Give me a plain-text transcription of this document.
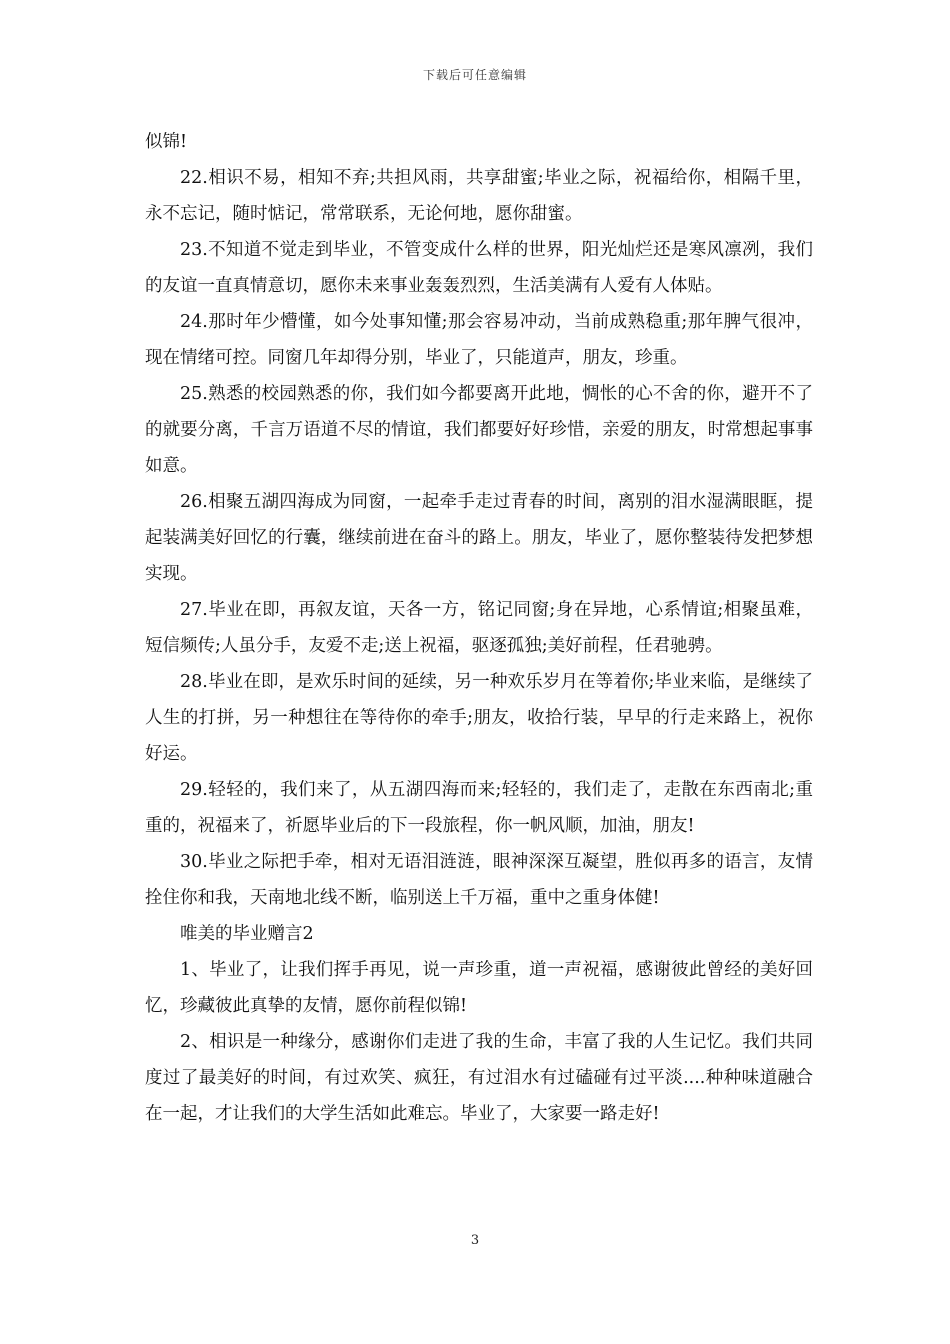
下载后可任意编辑

似锦!

22.相识不易，相知不弃;共担风雨，共享甜蜜;毕业之际，祝福给你，相隔千里，永不忘记，随时惦记，常常联系，无论何地，愿你甜蜜。

23.不知道不觉走到毕业，不管变成什么样的世界，阳光灿烂还是寒风凛冽，我们的友谊一直真情意切，愿你未来事业轰轰烈烈，生活美满有人爱有人体贴。

24.那时年少懵懂，如今处事知懂;那会容易冲动，当前成熟稳重;那年脾气很冲，现在情绪可控。同窗几年却得分别，毕业了，只能道声，朋友，珍重。

25.熟悉的校园熟悉的你，我们如今都要离开此地，惆怅的心不舍的你，避开不了的就要分离，千言万语道不尽的情谊，我们都要好好珍惜，亲爱的朋友，时常想起事事如意。

26.相聚五湖四海成为同窗，一起牵手走过青春的时间，离别的泪水湿满眼眶，提起装满美好回忆的行囊，继续前进在奋斗的路上。朋友，毕业了，愿你整装待发把梦想实现。

27.毕业在即，再叙友谊，天各一方，铭记同窗;身在异地，心系情谊;相聚虽难，短信频传;人虽分手，友爱不走;送上祝福，驱逐孤独;美好前程，任君驰骋。

28.毕业在即，是欢乐时间的延续，另一种欢乐岁月在等着你;毕业来临，是继续了人生的打拼，另一种想往在等待你的牵手;朋友，收拾行装，早早的行走来路上，祝你好运。

29.轻轻的，我们来了，从五湖四海而来;轻轻的，我们走了，走散在东西南北;重重的，祝福来了，祈愿毕业后的下一段旅程，你一帆风顺，加油，朋友!

30.毕业之际把手牵，相对无语泪涟涟，眼神深深互凝望，胜似再多的语言，友情拴住你和我，天南地北线不断，临别送上千万福，重中之重身体健!

唯美的毕业赠言2

1、毕业了，让我们挥手再见，说一声珍重，道一声祝福，感谢彼此曾经的美好回忆，珍藏彼此真挚的友情，愿你前程似锦!

2、相识是一种缘分，感谢你们走进了我的生命，丰富了我的人生记忆。我们共同度过了最美好的时间，有过欢笑、疯狂，有过泪水有过磕碰有过平淡....种种味道融合在一起，才让我们的大学生活如此难忘。毕业了，大家要一路走好!

3
